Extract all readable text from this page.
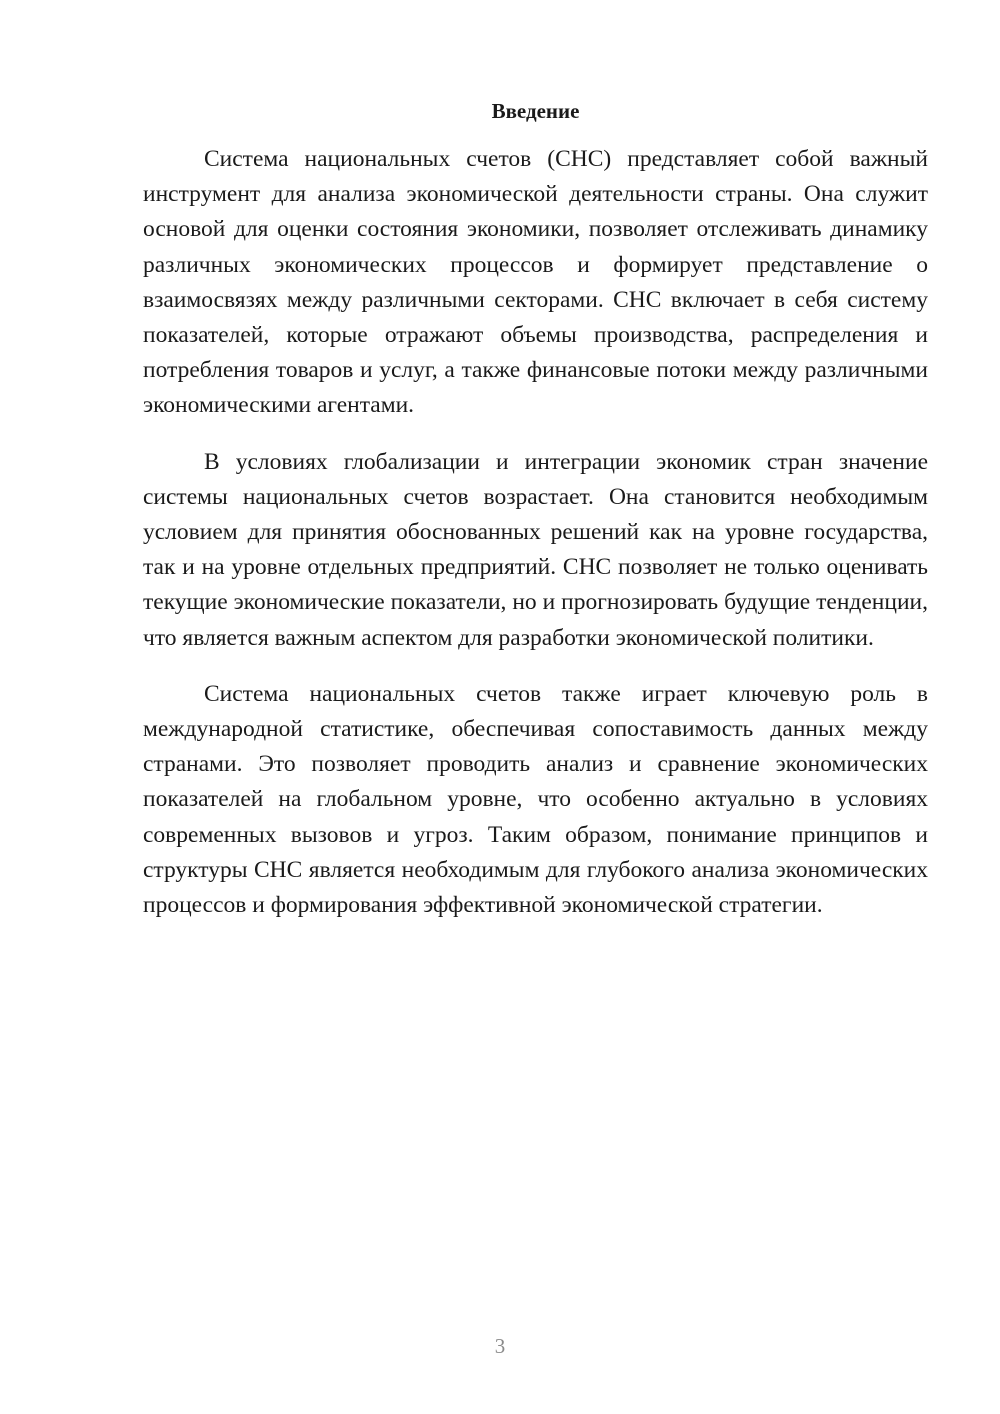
Введение

Система национальных счетов (СНС) представляет собой важный инструмент для анализа экономической деятельности страны. Она служит основой для оценки состояния экономики, позволяет отслеживать динамику различных экономических процессов и формирует представление о взаимосвязях между различными секторами. СНС включает в себя систему показателей, которые отражают объемы производства, распределения и потребления товаров и услуг, а также финансовые потоки между различными экономическими агентами.

В условиях глобализации и интеграции экономик стран значение системы национальных счетов возрастает. Она становится необходимым условием для принятия обоснованных решений как на уровне государства, так и на уровне отдельных предприятий. СНС позволяет не только оценивать текущие экономические показатели, но и прогнозировать будущие тенденции, что является важным аспектом для разработки экономической политики.

Система национальных счетов также играет ключевую роль в международной статистике, обеспечивая сопоставимость данных между странами. Это позволяет проводить анализ и сравнение экономических показателей на глобальном уровне, что особенно актуально в условиях современных вызовов и угроз. Таким образом, понимание принципов и структуры СНС является необходимым для глубокого анализа экономических процессов и формирования эффективной экономической стратегии.

3
